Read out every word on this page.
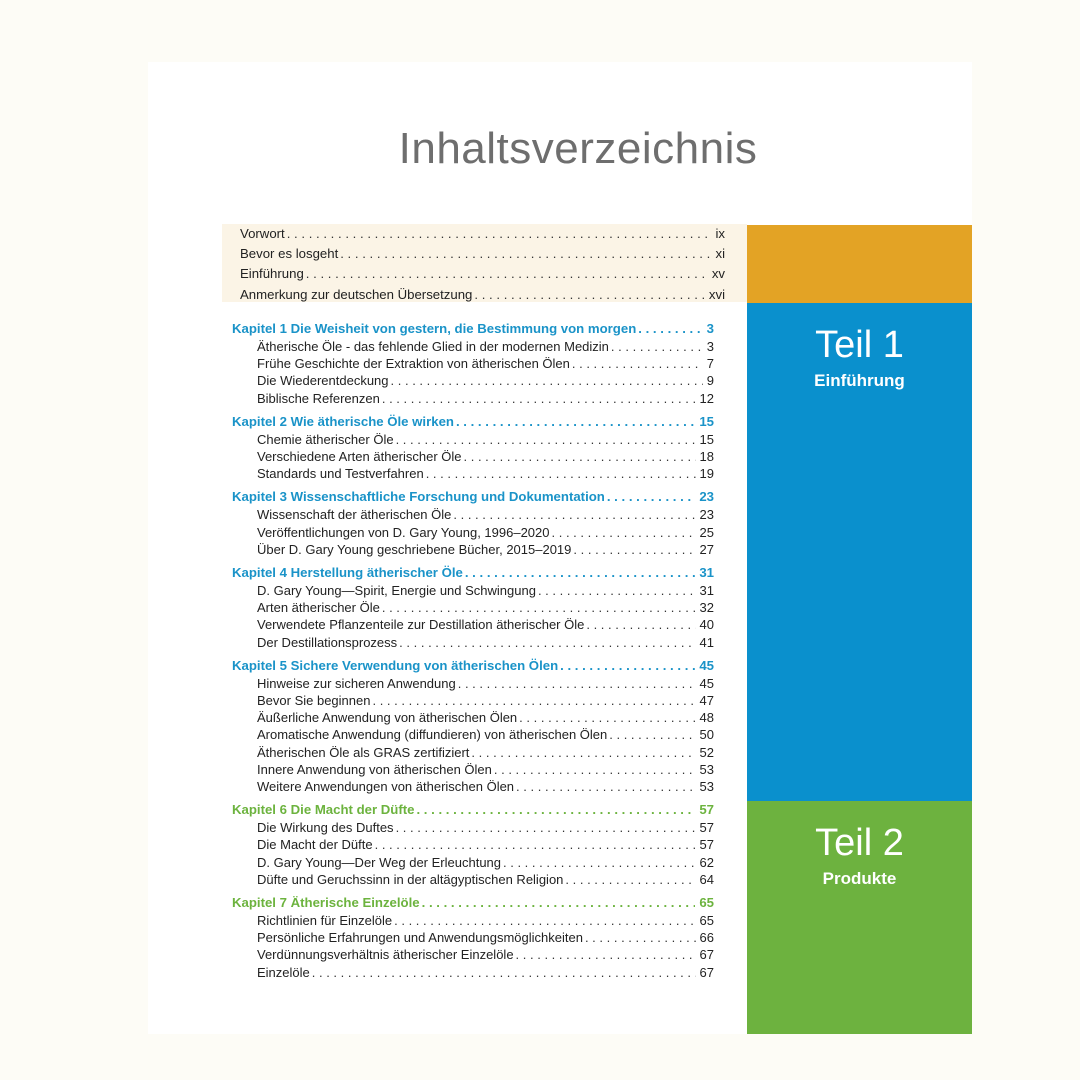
Inhaltsverzeichnis
Vorwort . . .	ix
Bevor es losgeht . . .	xi
Einführung . . .	xv
Anmerkung zur deutschen Übersetzung . . .	xvi
Kapitel 1 Die Weisheit von gestern, die Bestimmung von morgen . . .	3
Ätherische Öle - das fehlende Glied in der modernen Medizin . . .	3
Frühe Geschichte der Extraktion von ätherischen Ölen . . .	7
Die Wiederentdeckung . . .	9
Biblische Referenzen . . .	12
Kapitel 2 Wie ätherische Öle wirken . . .	15
Chemie ätherischer Öle . . .	15
Verschiedene Arten ätherischer Öle . . .	18
Standards und Testverfahren . . .	19
Kapitel 3 Wissenschaftliche Forschung und Dokumentation . . .	23
Wissenschaft der ätherischen Öle . . .	23
Veröffentlichungen von D. Gary Young, 1996–2020 . . .	25
Über D. Gary Young geschriebene Bücher, 2015–2019 . . .	27
Kapitel 4 Herstellung ätherischer Öle . . .	31
D. Gary Young—Spirit, Energie und Schwingung . . .	31
Arten ätherischer Öle . . .	32
Verwendete Pflanzenteile zur Destillation ätherischer Öle . . .	40
Der Destillationsprozess . . .	41
Kapitel 5 Sichere Verwendung von ätherischen Ölen . . .	45
Hinweise zur sicheren Anwendung . . .	45
Bevor Sie beginnen . . .	47
Äußerliche Anwendung von ätherischen Ölen . . .	48
Aromatische Anwendung (diffundieren) von ätherischen Ölen . . .	50
Ätherischen Öle als GRAS zertifiziert . . .	52
Innere Anwendung von ätherischen Ölen . . .	53
Weitere Anwendungen von ätherischen Ölen . . .	53
Kapitel 6 Die Macht der Düfte . . .	57
Die Wirkung des Duftes . . .	57
Die Macht der Düfte . . .	57
D. Gary Young—Der Weg der Erleuchtung . . .	62
Düfte und Geruchssinn in der altägyptischen Religion . . .	64
Kapitel 7 Ätherische Einzelöle . . .	65
Richtlinien für Einzelöle . . .	65
Persönliche Erfahrungen und Anwendungsmöglichkeiten . . .	66
Verdünnungsverhältnis ätherischer Einzelöle . . .	67
Einzelöle . . .	67
Teil 1
Einführung
Teil 2
Produkte
